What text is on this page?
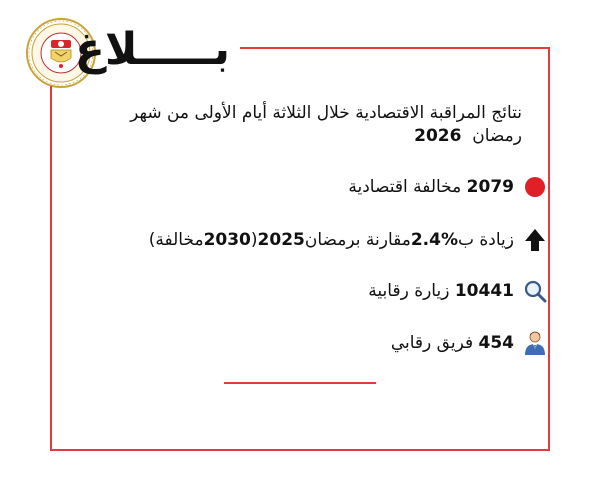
بـــــلاغ
نتائج المراقبة الاقتصادية خلال الثلاثة أيام الأولى من شهر
رمضان  2026
2079

مخالفة اقتصادية
زيادة ب
2.4%
مقارنة برمضان
2025
(
2030
مخالفة)
10441

زيارة رقابية
454

فريق رقابي
